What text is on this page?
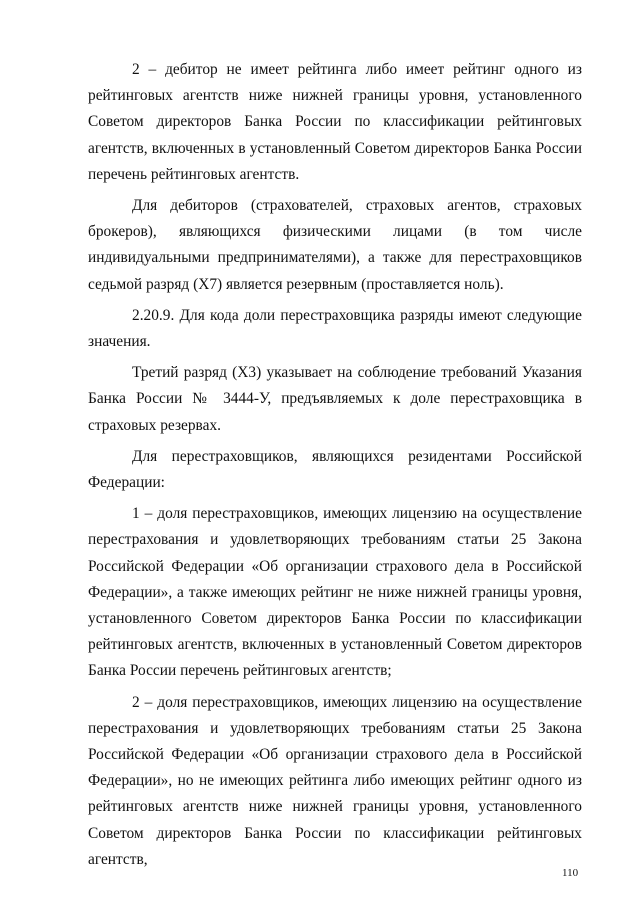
2 – дебитор не имеет рейтинга либо имеет рейтинг одного из рейтинговых агентств ниже нижней границы уровня, установленного Советом директоров Банка России по классификации рейтинговых агентств, включенных в установленный Советом директоров Банка России перечень рейтинговых агентств.

Для дебиторов (страхователей, страховых агентов, страховых брокеров), являющихся физическими лицами (в том числе индивидуальными предпринимателями), а также для перестраховщиков седьмой разряд (Х7) является резервным (проставляется ноль).

2.20.9. Для кода доли перестраховщика разряды имеют следующие значения.

Третий разряд (Х3) указывает на соблюдение требований Указания Банка России № 3444-У, предъявляемых к доле перестраховщика в страховых резервах.

Для перестраховщиков, являющихся резидентами Российской Федерации:

1 – доля перестраховщиков, имеющих лицензию на осуществление перестрахования и удовлетворяющих требованиям статьи 25 Закона Российской Федерации «Об организации страхового дела в Российской Федерации», а также имеющих рейтинг не ниже нижней границы уровня, установленного Советом директоров Банка России по классификации рейтинговых агентств, включенных в установленный Советом директоров Банка России перечень рейтинговых агентств;

2 – доля перестраховщиков, имеющих лицензию на осуществление перестрахования и удовлетворяющих требованиям статьи 25 Закона Российской Федерации «Об организации страхового дела в Российской Федерации», но не имеющих рейтинга либо имеющих рейтинг одного из рейтинговых агентств ниже нижней границы уровня, установленного Советом директоров Банка России по классификации рейтинговых агентств,

110
